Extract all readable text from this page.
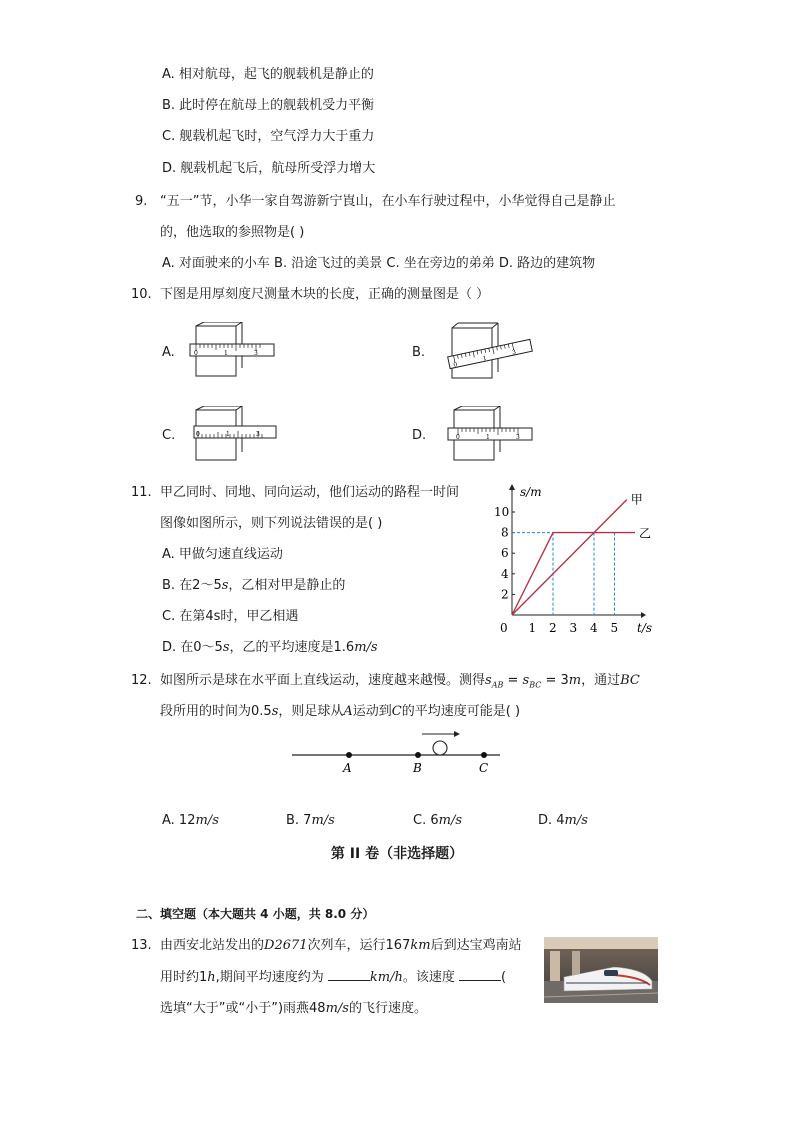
A. 相对航母，起飞的舰载机是静止的
B. 此时停在航母上的舰载机受力平衡
C. 舰载机起飞时，空气浮力大于重力
D. 舰载机起飞后，航母所受浮力增大
9. “五一”节，小华一家自驾游新宁崀山，在小车行驶过程中，小华觉得自己是静止
的，他选取的参照物是( )
A. 对面驶来的小车 B. 沿途飞过的美景 C. 坐在旁边的弟弟 D. 路边的建筑物
10. 下图是用厚刻度尺测量木块的长度，正确的测量图是（ ）
A.	B.
C.	D.
0	1	3
0
1
3
0	1	3	0	1	3
11. 甲乙同时、同地、同向运动，他们运动的路程一时间
图像如图所示，则下列说法错误的是( )
A. 甲做匀速直线运动
B. 在2～5s，乙相对甲是静止的
C. 在第4s时，甲乙相遇
D. 在0～5s，乙的平均速度是1.6m/s
s/m
t/s
0 1 2 3 4 5
2
4
6
8
10
甲
乙
12. 如图所示是球在水平面上直线运动，速度越来越慢。测得$s_{AB} = s_{BC} = 3m$，通过BC
段所用的时间为0.5s，则足球从A运动到C的平均速度可能是( )
A	B	C
A. 12m/s	B. 7m/s	C. 6m/s	D. 4m/s
第 II 卷（非选择题）
二、填空题（本大题共 4 小题，共 8.0 分）
13. 由西安北站发出的D2671次列车，运行167km后到达宝鸡南站
用时约1h,期间平均速度约为	km/h。该速度	(
选填“大于”或“小于”)雨燕48m/s的飞行速度。
